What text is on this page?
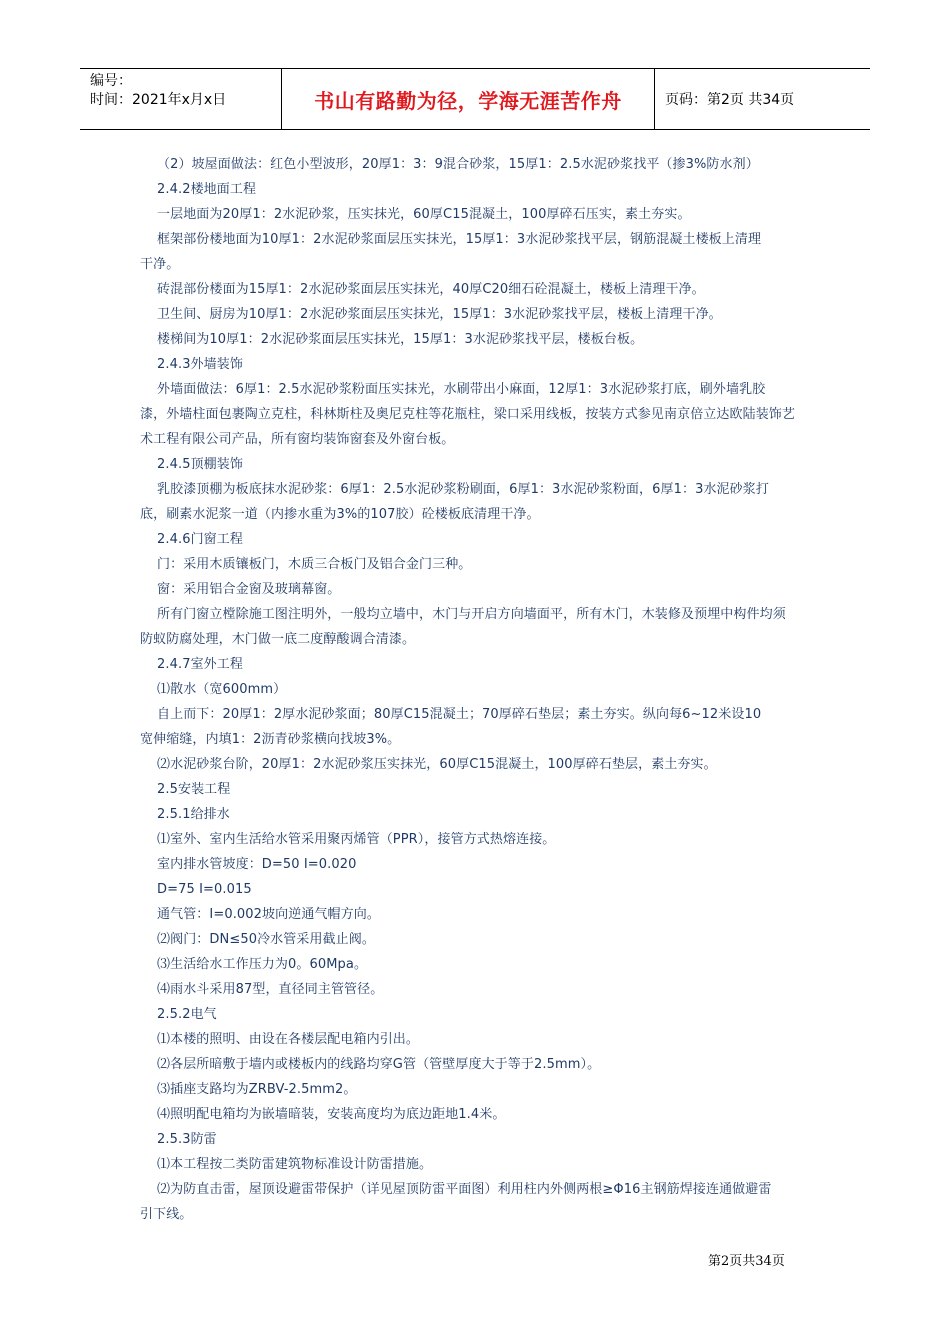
编号：
时间：2021年x月x日	书山有路勤为径，学海无涯苦作舟	页码：第2页 共34页
（2）坡屋面做法：红色小型波形，20厚1：3：9混合砂浆，15厚1：2.5水泥砂浆找平（掺3%防水剂）
2.4.2楼地面工程
一层地面为20厚1：2水泥砂浆，压实抹光，60厚C15混凝土，100厚碎石压实，素土夯实。
框架部份楼地面为10厚1：2水泥砂浆面层压实抹光，15厚1：3水泥砂浆找平层，钢筋混凝土楼板上清理
干净。
砖混部份楼面为15厚1：2水泥砂浆面层压实抹光，40厚C20细石砼混凝土，楼板上清理干净。
卫生间、厨房为10厚1：2水泥砂浆面层压实抹光，15厚1：3水泥砂浆找平层，楼板上清理干净。
楼梯间为10厚1：2水泥砂浆面层压实抹光，15厚1：3水泥砂浆找平层，楼板台板。
2.4.3外墙装饰
外墙面做法：6厚1：2.5水泥砂浆粉面压实抹光，水刷带出小麻面，12厚1：3水泥砂浆打底，刷外墙乳胶
漆，外墙柱面包裹陶立克柱，科林斯柱及奥尼克柱等花瓶柱，梁口采用线板，按装方式参见南京倍立达欧陆装饰艺
术工程有限公司产品，所有窗均装饰窗套及外窗台板。
2.4.5顶棚装饰
乳胶漆顶棚为板底抹水泥砂浆：6厚1：2.5水泥砂浆粉刷面，6厚1：3水泥砂浆粉面，6厚1：3水泥砂浆打
底，刷素水泥浆一道（内掺水重为3%的107胶）砼楼板底清理干净。
2.4.6门窗工程
门：采用木质镶板门，木质三合板门及铝合金门三种。
窗：采用铝合金窗及玻璃幕窗。
所有门窗立樘除施工图注明外，一般均立墙中，木门与开启方向墙面平，所有木门，木装修及预埋中构件均须
防蚁防腐处理，木门做一底二度醇酸调合清漆。
2.4.7室外工程
⑴散水（宽600mm）
自上而下：20厚1：2厚水泥砂浆面；80厚C15混凝土；70厚碎石垫层；素土夯实。纵向每6~12米设10
宽伸缩缝，内填1：2沥青砂浆横向找坡3%。
⑵水泥砂浆台阶，20厚1：2水泥砂浆压实抹光，60厚C15混凝土，100厚碎石垫层，素土夯实。
2.5安装工程
2.5.1给排水
⑴室外、室内生活给水管采用聚丙烯管（PPR），接管方式热熔连接。
室内排水管坡度：D=50 I=0.020
D=75 I=0.015
通气管：I=0.002坡向逆通气帽方向。
⑵阀门：DN≤50冷水管采用截止阀。
⑶生活给水工作压力为0。60Mpa。
⑷雨水斗采用87型，直径同主管管径。
2.5.2电气
⑴本楼的照明、由设在各楼层配电箱内引出。
⑵各层所暗敷于墙内或楼板内的线路均穿G管（管壁厚度大于等于2.5mm）。
⑶插座支路均为ZRBV-2.5mm2。
⑷照明配电箱均为嵌墙暗装，安装高度均为底边距地1.4米。
2.5.3防雷
⑴本工程按二类防雷建筑物标准设计防雷措施。
⑵为防直击雷，屋顶设避雷带保护（详见屋顶防雷平面图）利用柱内外侧两根≥Φ16主钢筋焊接连通做避雷
引下线。
第2页共34页
